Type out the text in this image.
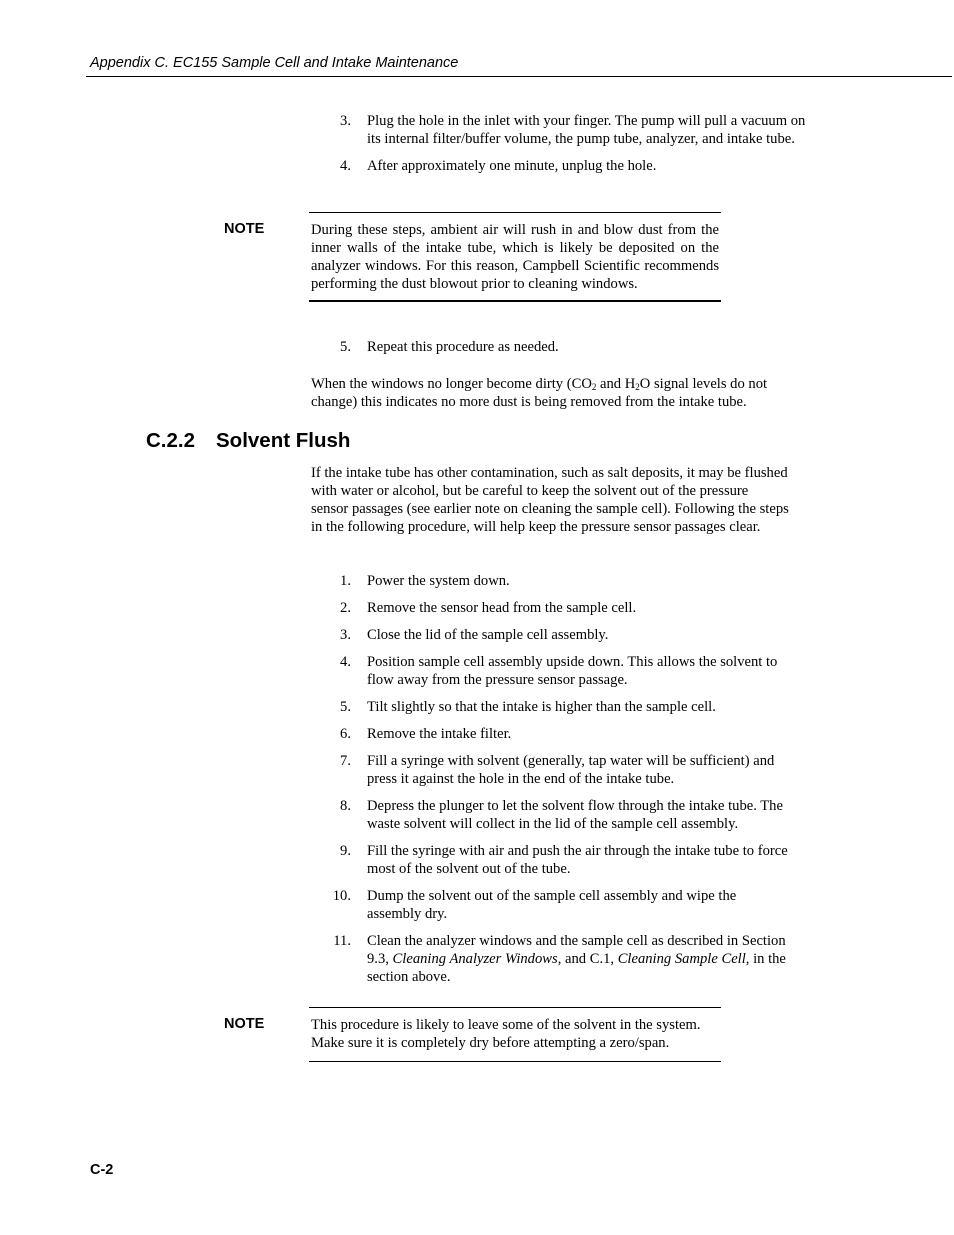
Appendix C. EC155 Sample Cell and Intake Maintenance
3. Plug the hole in the inlet with your finger. The pump will pull a vacuum on its internal filter/buffer volume, the pump tube, analyzer, and intake tube.
4. After approximately one minute, unplug the hole.
NOTE	During these steps, ambient air will rush in and blow dust from the inner walls of the intake tube, which is likely be deposited on the analyzer windows. For this reason, Campbell Scientific recommends performing the dust blowout prior to cleaning windows.

5. Repeat this procedure as needed.

When the windows no longer become dirty ($CO_2$ and $H_2O$ signal levels do not change) this indicates no more dust is being removed from the intake tube.

C.2.2 Solvent Flush

If the intake tube has other contamination, such as salt deposits, it may be flushed with water or alcohol, but be careful to keep the solvent out of the pressure sensor passages (see earlier note on cleaning the sample cell). Following the steps in the following procedure, will help keep the pressure sensor passages clear.

1. Power the system down.
2. Remove the sensor head from the sample cell.
3. Close the lid of the sample cell assembly.
4. Position sample cell assembly upside down. This allows the solvent to flow away from the pressure sensor passage.
5. Tilt slightly so that the intake is higher than the sample cell.
6. Remove the intake filter.
7. Fill a syringe with solvent (generally, tap water will be sufficient) and press it against the hole in the end of the intake tube.
8. Depress the plunger to let the solvent flow through the intake tube. The waste solvent will collect in the lid of the sample cell assembly.
9. Fill the syringe with air and push the air through the intake tube to force most of the solvent out of the tube.
10. Dump the solvent out of the sample cell assembly and wipe the assembly dry.
11. Clean the analyzer windows and the sample cell as described in Section 9.3, Cleaning Analyzer Windows, and C.1, Cleaning Sample Cell, in the section above.
NOTE	This procedure is likely to leave some of the solvent in the system. Make sure it is completely dry before attempting a zero/span.

C-2
